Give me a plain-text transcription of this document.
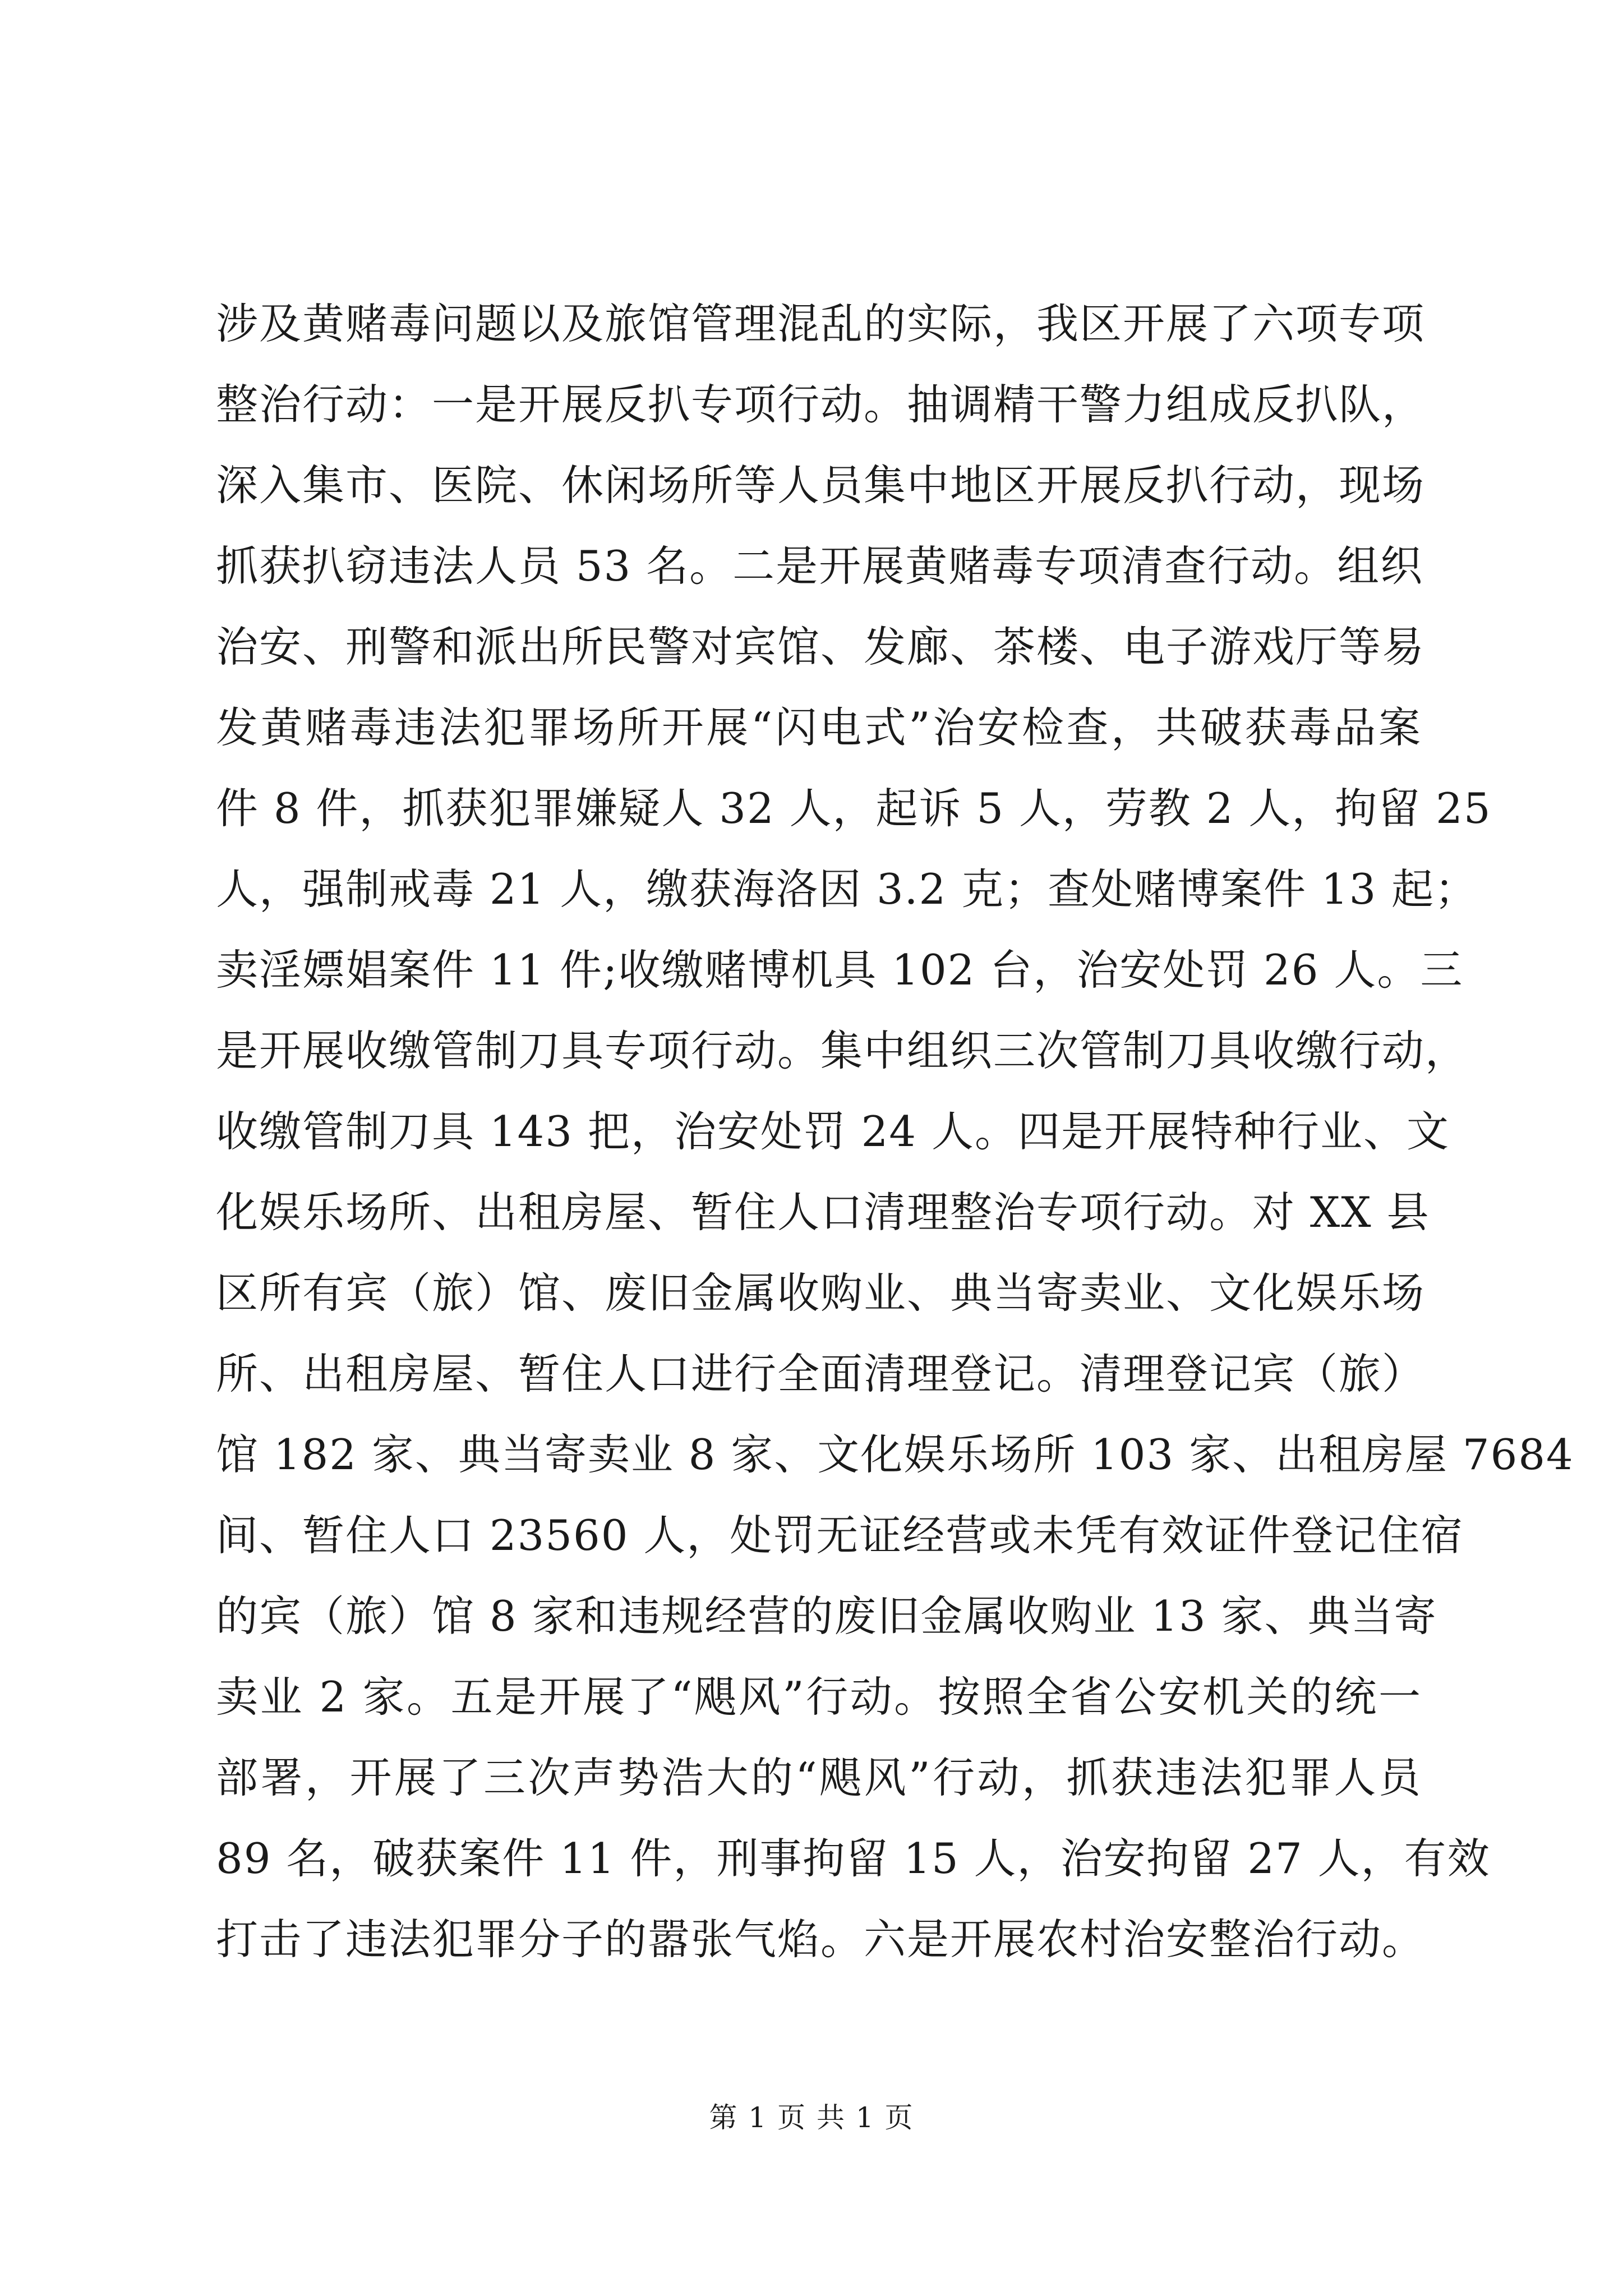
涉及黄赌毒问题以及旅馆管理混乱的实际，我区开展了六项专项
整治行动：一是开展反扒专项行动。抽调精干警力组成反扒队，
深入集市、医院、休闲场所等人员集中地区开展反扒行动，现场
抓获扒窃违法人员 53 名。二是开展黄赌毒专项清查行动。组织
治安、刑警和派出所民警对宾馆、发廊、茶楼、电子游戏厅等易
发黄赌毒违法犯罪场所开展“闪电式”治安检查，共破获毒品案
件 8 件，抓获犯罪嫌疑人 32 人，起诉 5 人，劳教 2 人，拘留 25
人，强制戒毒 21 人，缴获海洛因 3.2 克；查处赌博案件 13 起；
卖淫嫖娼案件 11 件;收缴赌博机具 102 台，治安处罚 26 人。三
是开展收缴管制刀具专项行动。集中组织三次管制刀具收缴行动，
收缴管制刀具 143 把，治安处罚 24 人。四是开展特种行业、文
化娱乐场所、出租房屋、暂住人口清理整治专项行动。对 XX 县
区所有宾（旅）馆、废旧金属收购业、典当寄卖业、文化娱乐场
所、出租房屋、暂住人口进行全面清理登记。清理登记宾（旅）
馆 182 家、典当寄卖业 8 家、文化娱乐场所 103 家、出租房屋 7684
间、暂住人口 23560 人，处罚无证经营或未凭有效证件登记住宿
的宾（旅）馆 8 家和违规经营的废旧金属收购业 13 家、典当寄
卖业 2 家。五是开展了“飓风”行动。按照全省公安机关的统一
部署，开展了三次声势浩大的“飓风”行动，抓获违法犯罪人员
89 名，破获案件 11 件，刑事拘留 15 人，治安拘留 27 人，有效
打击了违法犯罪分子的嚣张气焰。六是开展农村治安整治行动。
第 1 页 共 1 页
